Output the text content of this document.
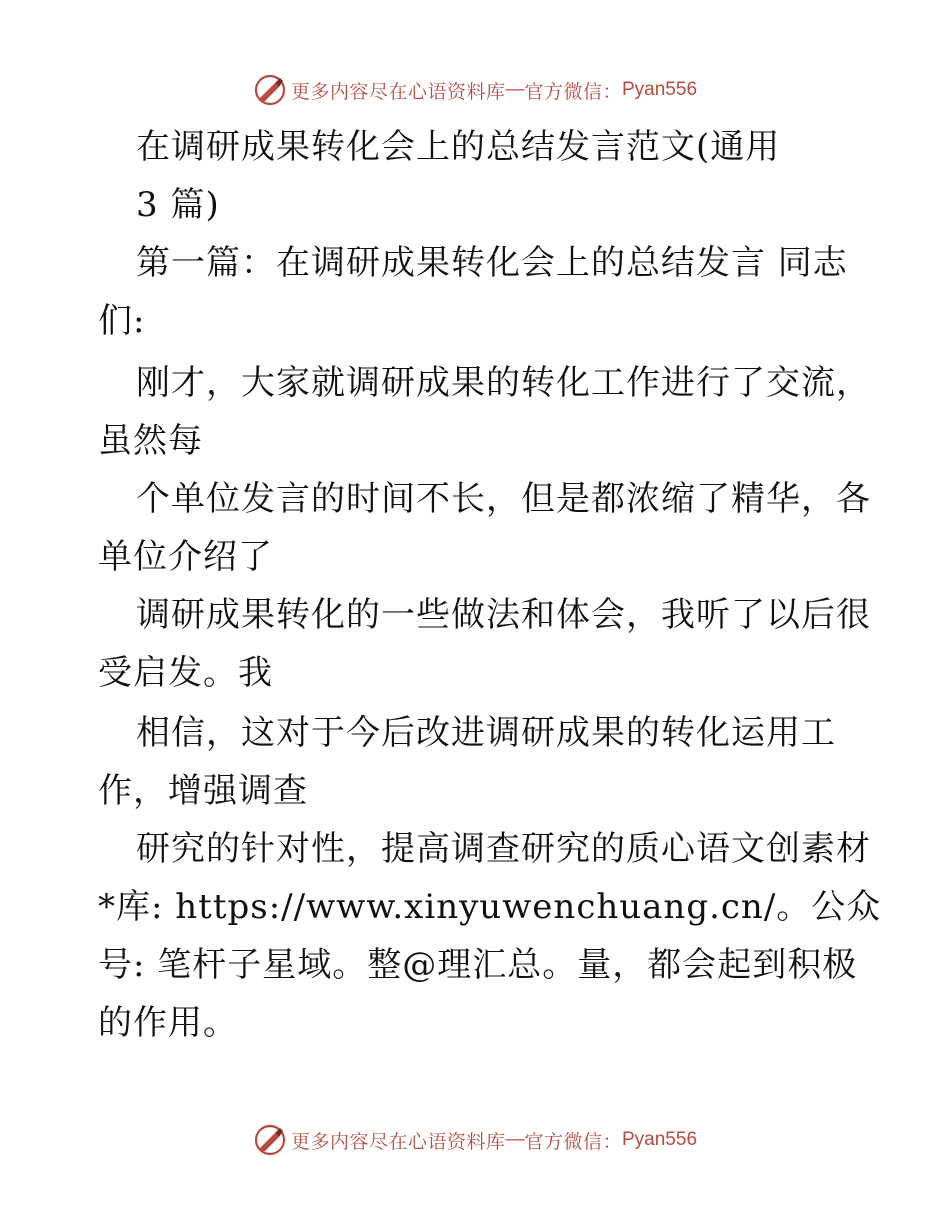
更多内容尽在心语资料库 — 官方微信： Pyan556
在调研成果转化会上的总结发言范文(通用
3 篇)
第一篇：在调研成果转化会上的总结发言 同志
们:
刚才，大家就调研成果的转化工作进行了交流，
虽然每
个单位发言的时间不长，但是都浓缩了精华，各
单位介绍了
调研成果转化的一些做法和体会，我听了以后很
受启发。我
相信，这对于今后改进调研成果的转化运用工
作，增强调查
研究的针对性，提高调查研究的质心语文创素材
*库: https://www.xinyuwenchuang.cn/。公众
号: 笔杆子星域。整@理汇总。量，都会起到积极
的作用。
更多内容尽在心语资料库 — 官方微信： Pyan556
